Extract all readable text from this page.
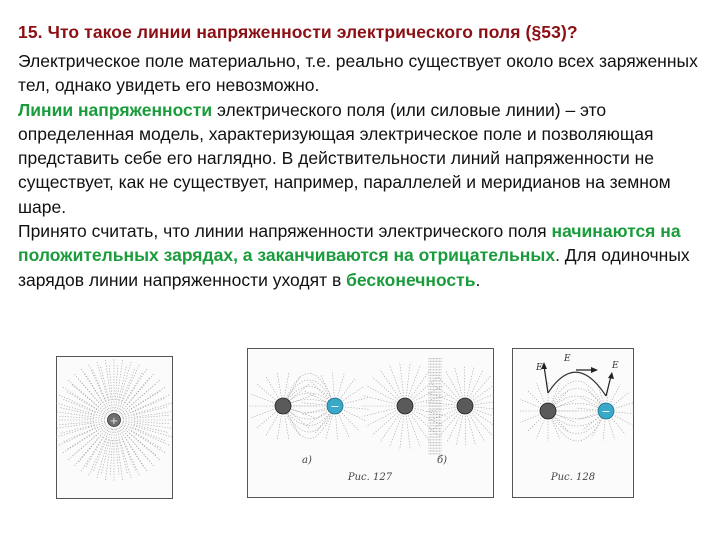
15. Что такое линии напряженности электрического поля (§53)?

Электрическое поле материально, т.е. реально существует около всех заряженных тел, однако увидеть его невозможно.

Линии напряженности электрического поля (или силовые линии) – это определенная модель, характеризующая электрическое поле и позволяющая представить себе его наглядно. В действительности линий напряженности не существует, как не существует, например, параллелей и меридианов на земном шаре.

Принято считать, что линии напряженности электрического поля начинаются на положительных зарядах, а заканчиваются на отрицательных. Для одиночных зарядов линии напряженности уходят в бесконечность.

+
−
а)	б)
Рис. 127
E
E
E
−
Рис. 128
